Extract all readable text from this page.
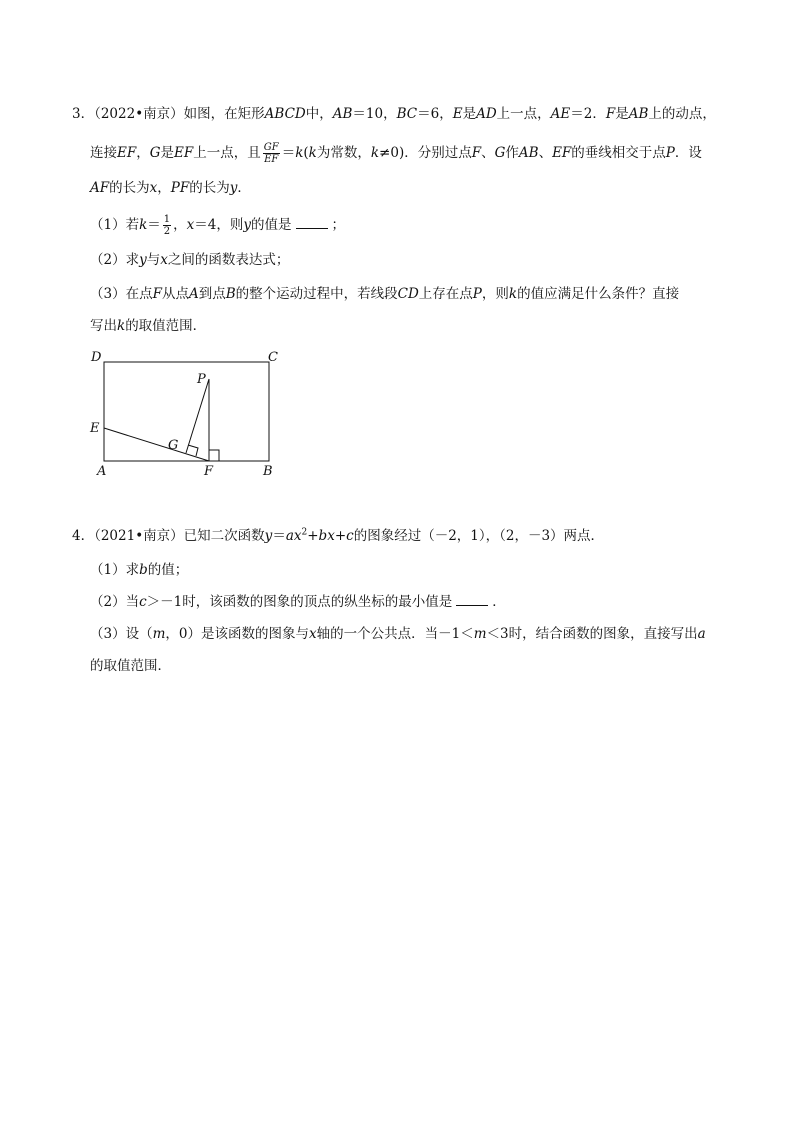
3．（2022•南京）如图，在矩形ABCD中，AB＝10，BC＝6，E是AD上一点，AE＝2．F是AB上的动点，
连接EF，G是EF上一点，且 $\frac{GF}{EF} =k(k$为常数，k≠0)．分别过点F、G作AB、EF的垂线相交于点P．设
AF的长为x，PF的长为y．
（1）若$k= \frac{1}{2}$ ，x＝4，则y的值是	；
（2）求y与x之间的函数表达式；
（3）在点F从点A到点B的整个运动过程中，若线段CD上存在点P，则k的值应满足什么条件？直接
写出k的取值范围．
D	C
P
E
G
A	F	B
4．（2021•南京）已知二次函数$y=ax^2+bx+c$的图象经过（－2，1），（2，－3）两点．
（1）求b的值；
（2）当c＞－1时，该函数的图象的顶点的纵坐标的最小值是	．
（3）设（m，0）是该函数的图象与x轴的一个公共点．当－1＜m＜3时，结合函数的图象，直接写出a
的取值范围．
